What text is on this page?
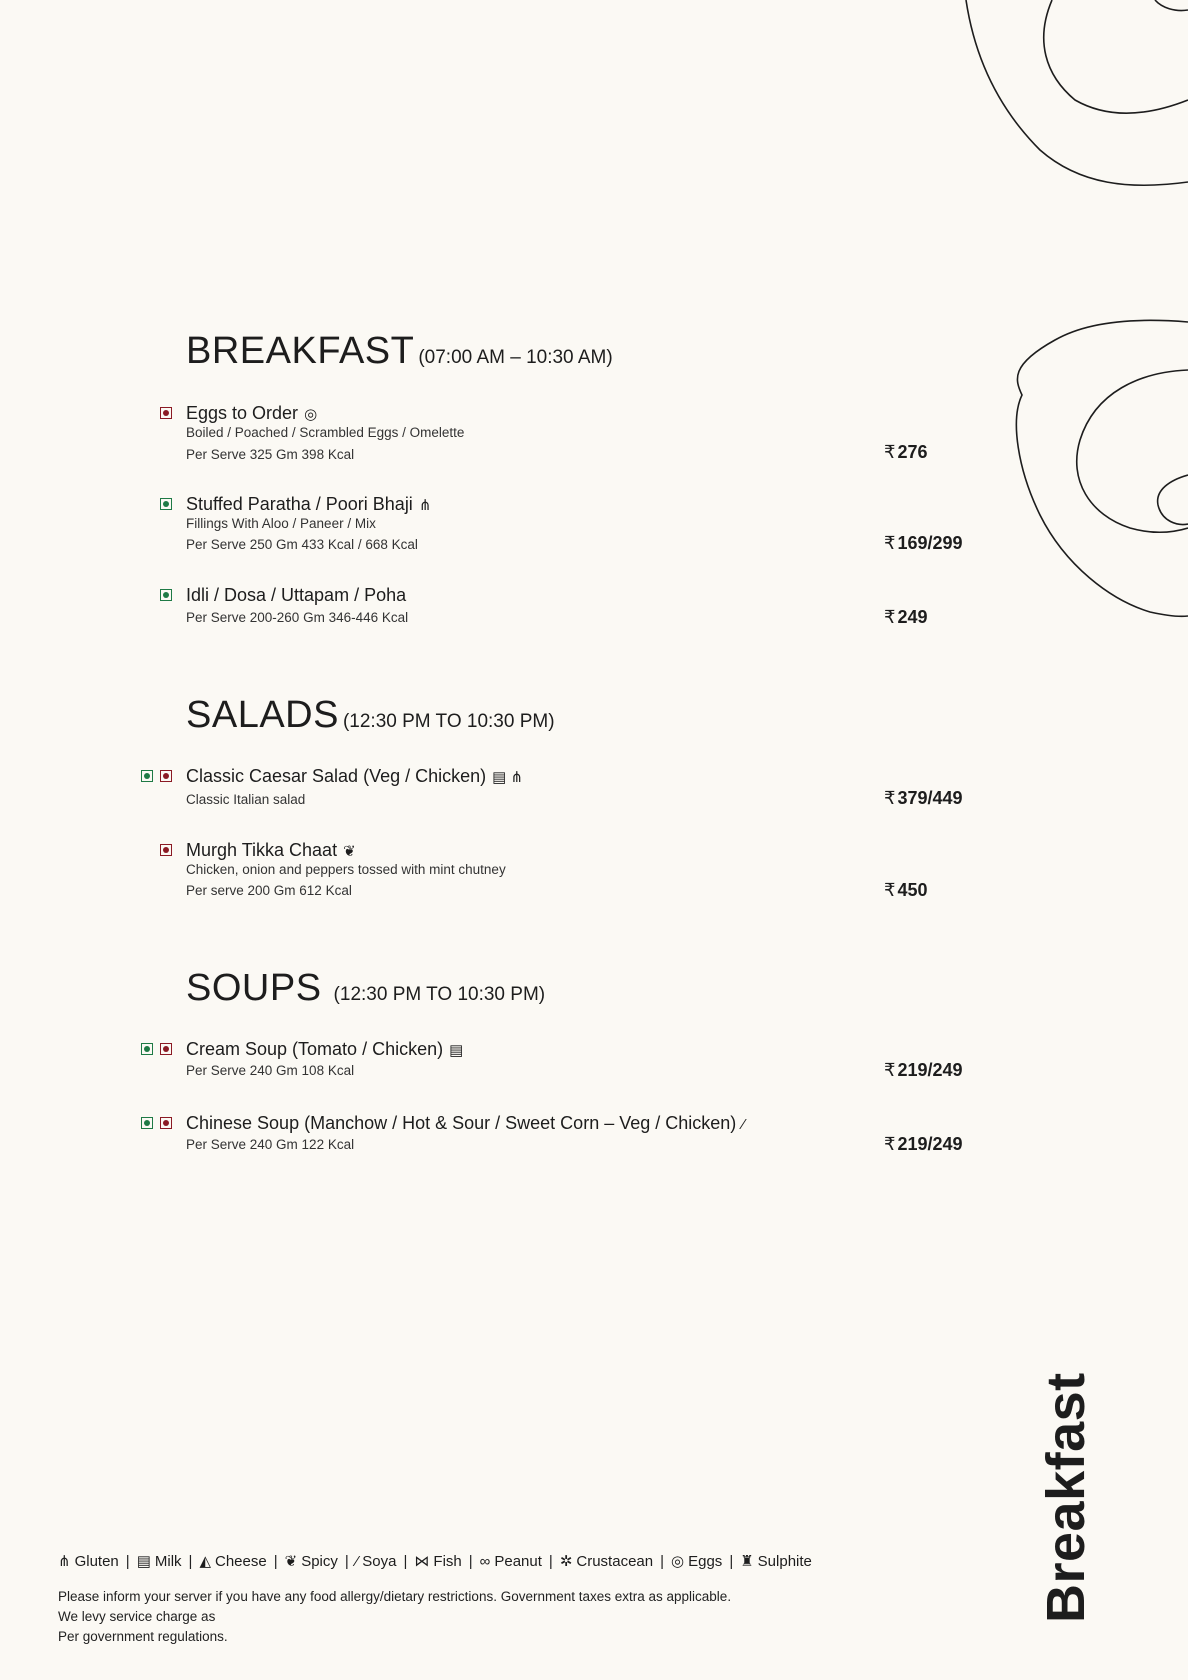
BREAKFAST (07:00 AM – 10:30 AM)
Eggs to Order ◎
Boiled / Poached / Scrambled Eggs / Omelette
Per Serve 325 Gm 398 Kcal	₹ 276
Stuffed Paratha / Poori Bhaji ⋔
Fillings With Aloo / Paneer / Mix
Per Serve 250 Gm 433 Kcal / 668 Kcal	₹ 169/299
Idli / Dosa / Uttapam / Poha
Per Serve 200-260 Gm 346-446 Kcal	₹ 249
SALADS (12:30 PM TO 10:30 PM)
Classic Caesar Salad (Veg / Chicken) ▤ ⋔
Classic Italian salad	₹ 379/449
Murgh Tikka Chaat ❦
Chicken, onion and peppers tossed with mint chutney
Per serve 200 Gm 612 Kcal	₹ 450
SOUPS (12:30 PM TO 10:30 PM)
Cream Soup (Tomato / Chicken) ▤
Per Serve 240 Gm 108 Kcal	₹ 219/249
Chinese Soup (Manchow / Hot & Sour / Sweet Corn – Veg / Chicken) ⁄
Per Serve 240 Gm 122 Kcal	₹ 219/249
Breakfast
⋔ Gluten | ▤ Milk | ◭ Cheese | ❦ Spicy | ⁄ Soya | ⋈ Fish | ∞ Peanut | ✲ Crustacean | ◎ Eggs | ♜ Sulphite
Please inform your server if you have any food allergy/dietary restrictions. Government taxes extra as applicable.
We levy service charge as
Per government regulations.
